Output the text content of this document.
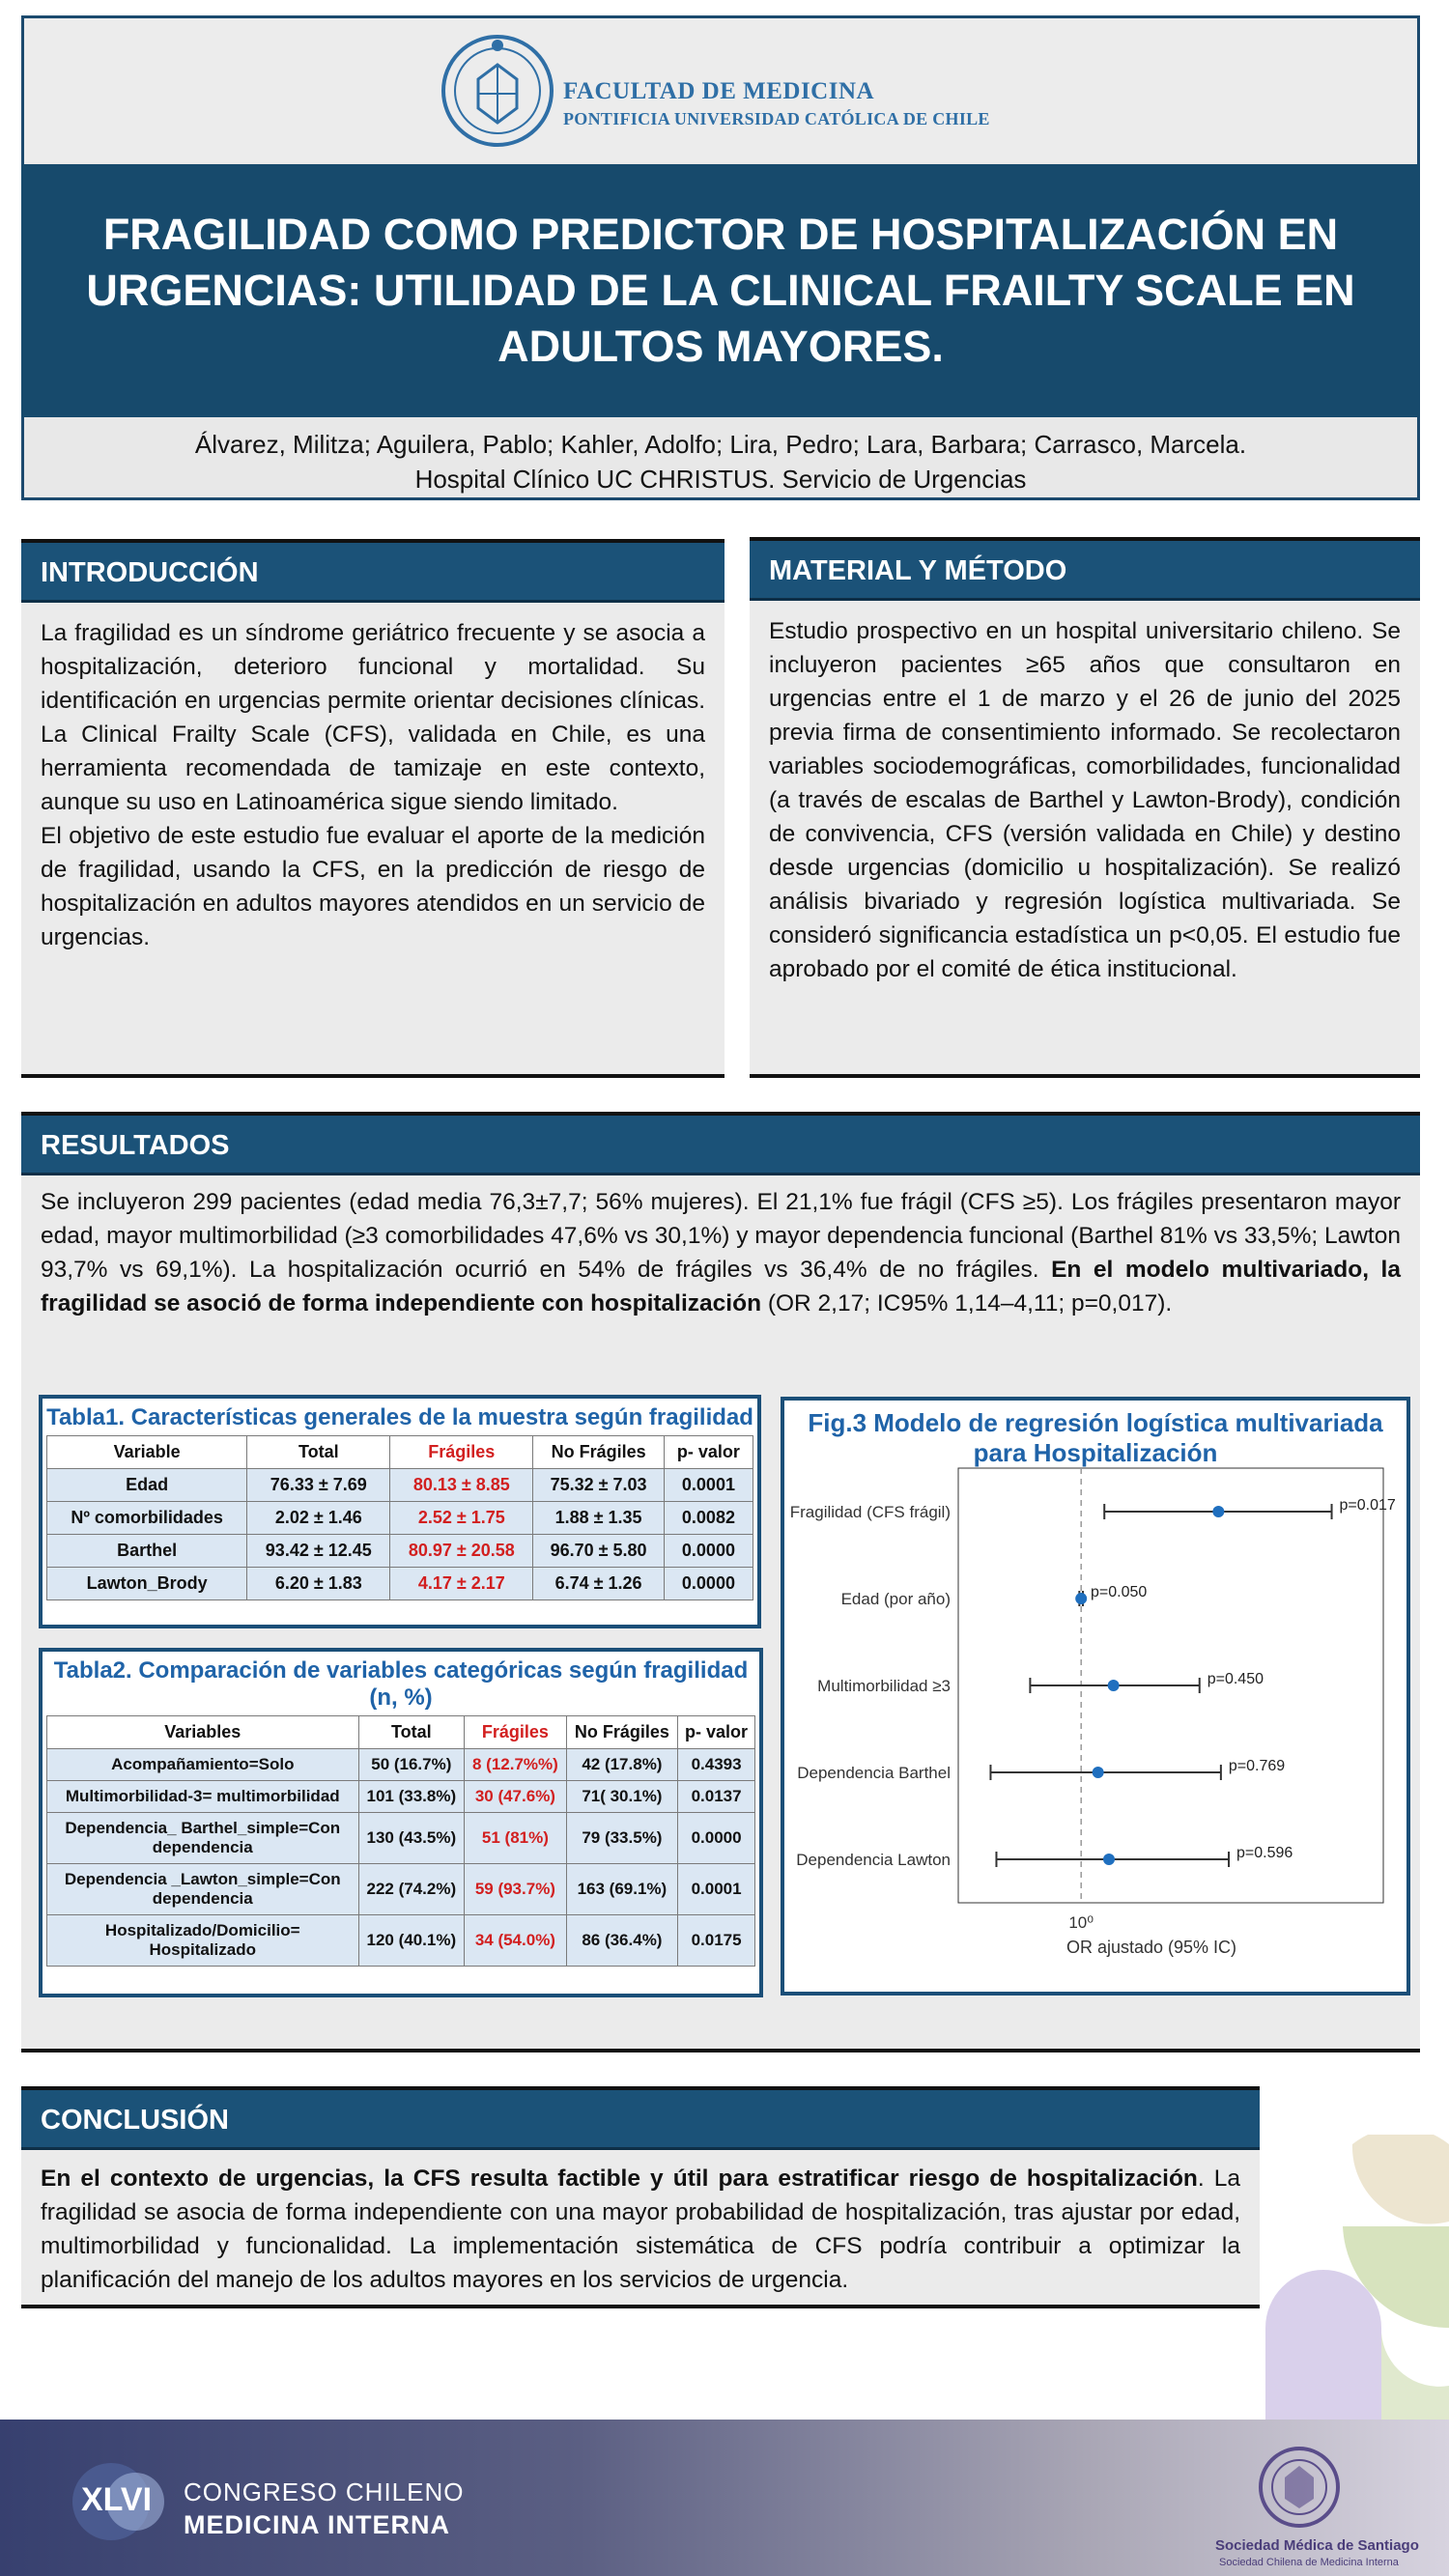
FACULTAD DE MEDICINA
PONTIFICIA UNIVERSIDAD CATÓLICA DE CHILE
FRAGILIDAD COMO PREDICTOR DE HOSPITALIZACIÓN EN URGENCIAS: UTILIDAD DE LA CLINICAL FRAILTY SCALE EN ADULTOS MAYORES.
Álvarez, Militza; Aguilera, Pablo; Kahler, Adolfo; Lira, Pedro; Lara, Barbara; Carrasco, Marcela.
Hospital Clínico UC CHRISTUS. Servicio de Urgencias
INTRODUCCIÓN

La fragilidad es un síndrome geriátrico frecuente y se asocia a hospitalización, deterioro funcional y mortalidad. Su identificación en urgencias permite orientar decisiones clínicas. La Clinical Frailty Scale (CFS), validada en Chile, es una herramienta recomendada de tamizaje en este contexto, aunque su uso en Latinoamérica sigue siendo limitado.

El objetivo de este estudio fue evaluar el aporte de la medición de fragilidad, usando la CFS, en la predicción de riesgo de hospitalización en adultos mayores atendidos en un servicio de urgencias.

MATERIAL Y MÉTODO
Estudio prospectivo en un hospital universitario chileno. Se incluyeron pacientes ≥65 años que consultaron en urgencias entre el 1 de marzo y el 26 de junio del 2025 previa firma de consentimiento informado. Se recolectaron variables sociodemográficas, comorbilidades, funcionalidad (a través de escalas de Barthel y Lawton-Brody), condición de convivencia, CFS (versión validada en Chile) y destino desde urgencias (domicilio u hospitalización). Se realizó análisis bivariado y regresión logística multivariada. Se consideró significancia estadística un p<0,05. El estudio fue aprobado por el comité de ética institucional.
RESULTADOS
Se incluyeron 299 pacientes (edad media 76,3±7,7; 56% mujeres). El 21,1% fue frágil (CFS ≥5). Los frágiles presentaron mayor edad, mayor multimorbilidad (≥3 comorbilidades 47,6% vs 30,1%) y mayor dependencia funcional (Barthel 81% vs 33,5%; Lawton 93,7% vs 69,1%). La hospitalización ocurrió en 54% de frágiles vs 36,4% de no frágiles. En el modelo multivariado, la fragilidad se asoció de forma independiente con hospitalización (OR 2,17; IC95% 1,14–4,11; p=0,017).
Tabla1. Características generales de la muestra según fragilidad
Variable	Total	Frágiles	No Frágiles	p- valor
Edad	76.33 ± 7.69	80.13 ± 8.85	75.32 ± 7.03	0.0001
Nº comorbilidades	2.02 ± 1.46	2.52 ± 1.75	1.88 ± 1.35	0.0082
Barthel	93.42 ± 12.45	80.97 ± 20.58	96.70 ± 5.80	0.0000
Lawton_Brody	6.20 ± 1.83	4.17 ± 2.17	6.74 ± 1.26	0.0000
Tabla2. Comparación de variables categóricas según fragilidad (n, %)
Variables	Total	Frágiles	No Frágiles	p- valor
Acompañamiento=Solo	50 (16.7%)	8 (12.7%%)	42 (17.8%)	0.4393
Multimorbilidad-3= multimorbilidad	101 (33.8%)	30 (47.6%)	71( 30.1%)	0.0137
Dependencia_ Barthel_simple=Con dependencia	130 (43.5%)	51 (81%)	79 (33.5%)	0.0000
Dependencia _Lawton_simple=Con dependencia	222 (74.2%)	59 (93.7%)	163 (69.1%)	0.0001
Hospitalizado/Domicilio= Hospitalizado	120 (40.1%)	34 (54.0%)	86 (36.4%)	0.0175
Fig.3 Modelo de regresión logística multivariada para Hospitalización
Fragilidad (CFS frágil)	p=0.017
Edad (por año)	p=0.050
Multimorbilidad ≥3	p=0.450
Dependencia Barthel	p=0.769
Dependencia Lawton	p=0.596
10⁰
OR ajustado (95% IC)
CONCLUSIÓN
En el contexto de urgencias, la CFS resulta factible y útil para estratificar riesgo de hospitalización. La fragilidad se asocia de forma independiente con una mayor probabilidad de hospitalización, tras ajustar por edad, multimorbilidad y funcionalidad. La implementación sistemática de CFS podría contribuir a optimizar la planificación del manejo de los adultos mayores en los servicios de urgencia.
XLVI CONGRESO CHILENO
MEDICINA INTERNA
Sociedad Médica de Santiago
Sociedad Chilena de Medicina Interna
